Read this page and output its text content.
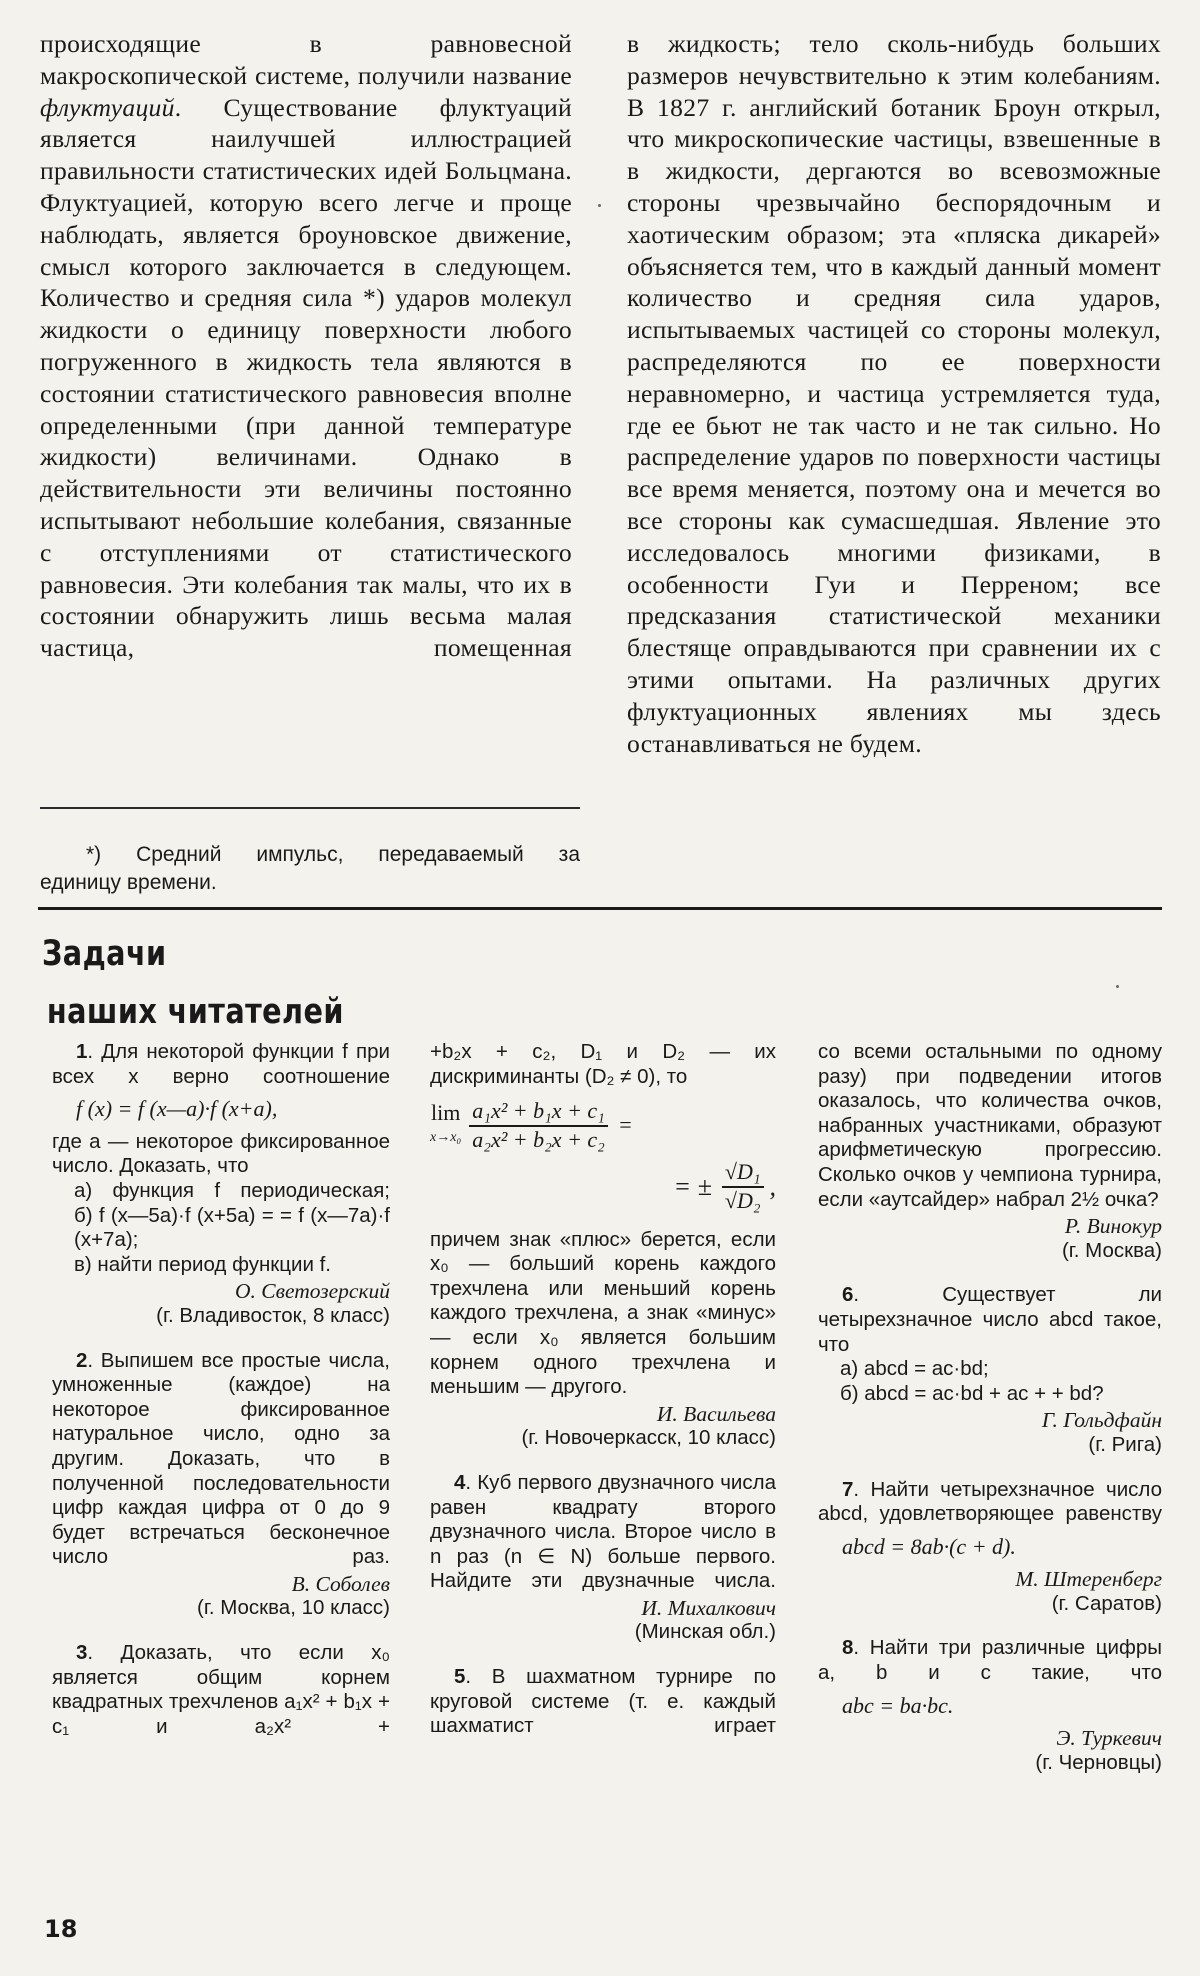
происходящие в равновесной макроскопической системе, получили название флуктуаций. Существование флуктуаций является наилучшей иллюстрацией правильности статистических идей Больцмана. Флуктуацией, которую всего легче и проще наблюдать, является броуновское движение, смысл которого заключается в следующем. Количество и средняя сила *) ударов молекул жидкости о единицу поверхности любого погруженного в жидкость тела являются в состоянии статистического равновесия вполне определенными (при данной температуре жидкости) величинами. Однако в действительности эти величины постоянно испытывают небольшие колебания, связанные с отступлениями от статистического равновесия. Эти колебания так малы, что их в состоянии обнаружить лишь весьма малая частица, помещенная

в жидкость; тело сколь-нибудь больших размеров нечувствительно к этим колебаниям. В 1827 г. английский ботаник Броун открыл, что микроскопические частицы, взвешенные в в жидкости, дергаются во всевозможные стороны чрезвычайно беспорядочным и хаотическим образом; эта «пляска дикарей» объясняется тем, что в каждый данный момент количество и средняя сила ударов, испытываемых частицей со стороны молекул, распределяются по ее поверхности неравномерно, и частица устремляется туда, где ее бьют не так часто и не так сильно. Но распределение ударов по поверхности частицы все время меняется, поэтому она и мечется во все стороны как сумасшедшая. Явление это исследовалось многими физиками, в особенности Гуи и Перреном; все предсказания статистической механики блестяще оправдываются при сравнении их с этими опытами. На различных других флуктуационных явлениях мы здесь останавливаться не будем.

*) Средний импульс, передаваемый за
единицу времени.
Задачи
наших читателей

1. Для некоторой функции f при всех x верно соотношение

f (x) = f (x—a)·f (x+a),

где a — некоторое фиксированное число. Доказать, что

а) функция f периодическая;

б) f (x—5a)·f (x+5a) = = f (x—7a)·f (x+7a);

в) найти период функции f.

О. Светозерский
(г. Владивосток, 8 класс)

2. Выпишем все простые числа, умноженные (каждое) на некоторое фиксированное натуральное число, одно за другим. Доказать, что в полученной последовательности цифр каждая цифра от 0 до 9 будет встречаться бесконечное число раз.

В. Соболев
(г. Москва, 10 класс)

3. Доказать, что если x₀ является общим корнем квадратных трехчленов a₁x² + b₁x + c₁ и a₂x² +

+b₂x + c₂, D₁ и D₂ — их дискриминанты (D₂ ≠ 0), то

lim
$x\to x_0 \frac{\text{a₁x² + b₁x + c₁}}{\text{a₂x² + b₂x + c₂}}$ =
= ± $\frac{\text{√D₁}}{\text{√D₂}}$ ,

причем знак «плюс» берется, если x₀ — больший корень каждого трехчлена или меньший корень каждого трехчлена, а знак «минус» — если x₀ является большим корнем одного трехчлена и меньшим — другого.

И. Васильева
(г. Новочеркасск, 10 класс)

4. Куб первого двузначного числа равен квадрату второго двузначного числа. Второе число в n раз (n ∈ N) больше первого. Найдите эти двузначные числа.

И. Михалкович
(Минская обл.)

5. В шахматном турнире по круговой системе (т. е. каждый шахматист играет

со всеми остальными по одному разу) при подведении итогов оказалось, что количества очков, набранных участниками, образуют арифметическую прогрессию. Сколько очков у чемпиона турнира, если «аутсайдер» набрал 2½ очка?

Р. Винокур
(г. Москва)

6. Существует ли четырехзначное число abcd такое, что

а) abcd = ac·bd;

б) abcd = ac·bd + ac + + bd?

Г. Гольдфайн
(г. Рига)

7. Найти четырехзначное число abcd, удовлетворяющее равенству

abcd = 8ab·(c + d).
М. Штеренберг
(г. Саратов)

8. Найти три различные цифры a, b и c такие, что

abc = ba·bc.
Э. Туркевич
(г. Черновцы)
18
